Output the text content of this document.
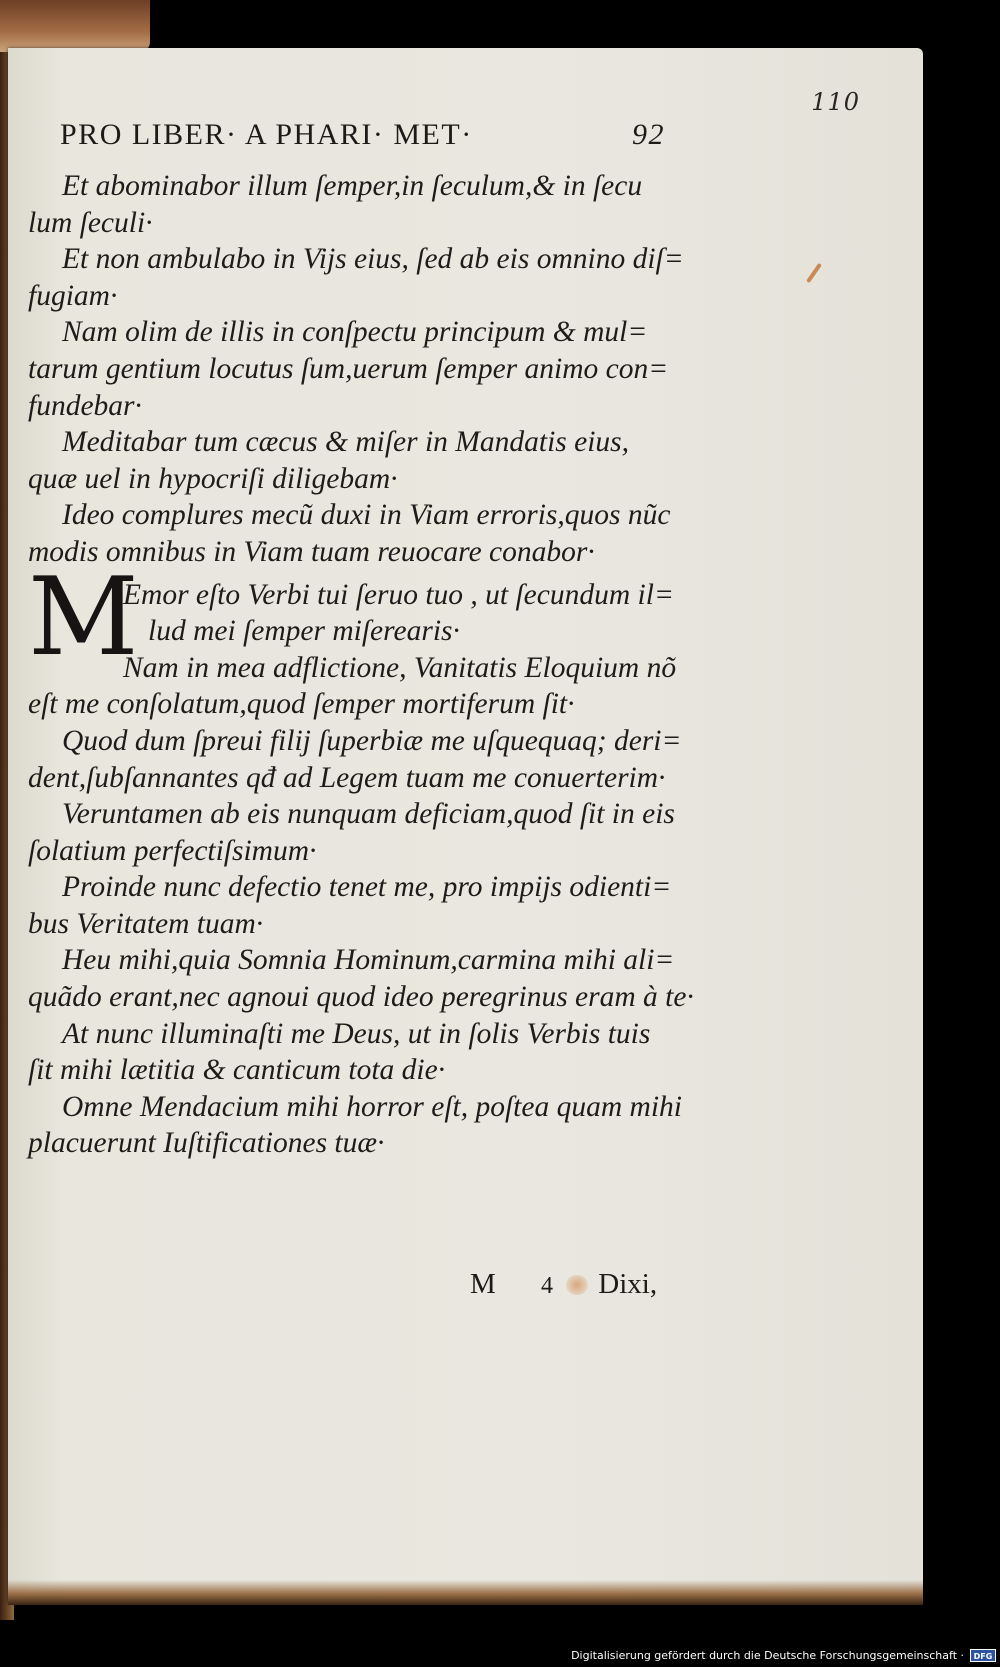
110
PRO LIBER· A PHARI· MET·	92
Et abominabor illum ſemper,in ſeculum,& in ſecu
lum ſeculi·
Et non ambulabo in Vijs eius, ſed ab eis omnino diſ=
fugiam·
Nam olim de illis in conſpectu principum & mul=
tarum gentium locutus ſum,uerum ſemper animo con=
fundebar·
Meditabar tum cæcus & miſer in Mandatis eius,
quæ uel in hypocriſi diligebam·
Ideo complures mecũ duxi in Viam erroris,quos nũc
modis omnibus in Viam tuam reuocare conabor·
M
Emor eſto Verbi tui ſeruo tuo , ut ſecundum il=
lud mei ſemper miſerearis·
Nam in mea adflictione, Vanitatis Eloquium nõ
eſt me conſolatum,quod ſemper mortiferum ſit·
Quod dum ſpreui filij ſuperbiæ me uſquequaq; deri=
dent,ſubſannantes qđ ad Legem tuam me conuerterim·
Veruntamen ab eis nunquam deficiam,quod ſit in eis
ſolatium perfectiſsimum·
Proinde nunc defectio tenet me, pro impijs odienti=
bus Veritatem tuam·
Heu mihi,quia Somnia Hominum,carmina mihi ali=
quãdo erant,nec agnoui quod ideo peregrinus eram à te·
At nunc illuminaſti me Deus, ut in ſolis Verbis tuis
ſit mihi lætitia & canticum tota die·
Omne Mendacium mihi horror eſt, poſtea quam mihi
placuerunt Iuſtificationes tuæ·
M 4 Dixi,
Digitalisierung gefördert durch die Deutsche Forschungsgemeinschaft ·	DFG
